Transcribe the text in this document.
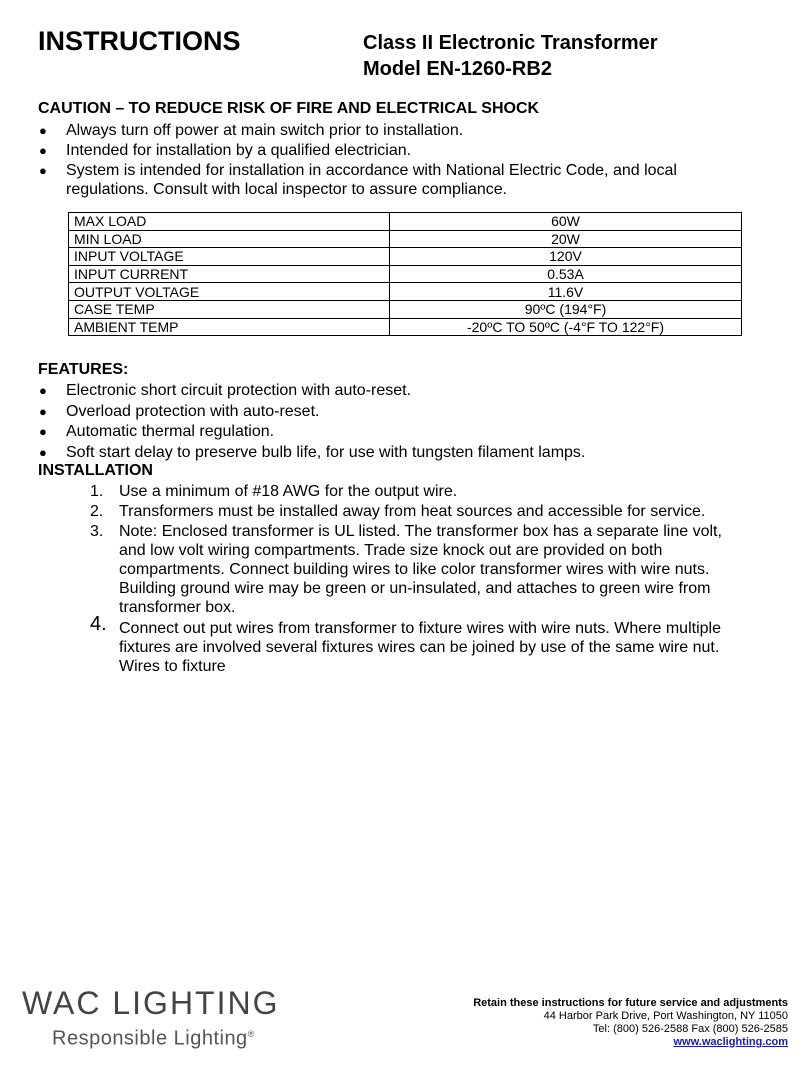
INSTRUCTIONS	Class II Electronic Transformer
Model EN-1260-RB2
CAUTION – TO REDUCE RISK OF FIRE AND ELECTRICAL SHOCK
● Always turn off power at main switch prior to installation.
● Intended for installation by a qualified electrician.
● System is intended for installation in accordance with National Electric Code, and local regulations. Consult with local inspector to assure compliance.
MAX LOAD	60W
MIN LOAD	20W
INPUT VOLTAGE	120V
INPUT CURRENT	0.53A
OUTPUT VOLTAGE	11.6V
CASE TEMP	90ºC (194°F)
AMBIENT TEMP	-20ºC TO 50ºC (-4°F TO 122°F)
FEATURES:
● Electronic short circuit protection with auto-reset.
● Overload protection with auto-reset.
● Automatic thermal regulation.
● Soft start delay to preserve bulb life, for use with tungsten filament lamps.
INSTALLATION
1. Use a minimum of #18 AWG for the output wire.
2. Transformers must be installed away from heat sources and accessible for service.
3. Note: Enclosed transformer is UL listed. The transformer box has a separate line volt, and low volt wiring compartments. Trade size knock out are provided on both compartments. Connect building wires to like color transformer wires with wire nuts. Building ground wire may be green or un-insulated, and attaches to green wire from transformer box.
4. Connect out put wires from transformer to fixture wires with wire nuts. Where multiple fixtures are involved several fixtures wires can be joined by use of the same wire nut. Wires to fixture
WAC LIGHTING
Responsible Lighting®
Retain these instructions for future service and adjustments
44 Harbor Park Drive, Port Washington, NY 11050
Tel: (800) 526-2588 Fax (800) 526-2585
www.waclighting.com
